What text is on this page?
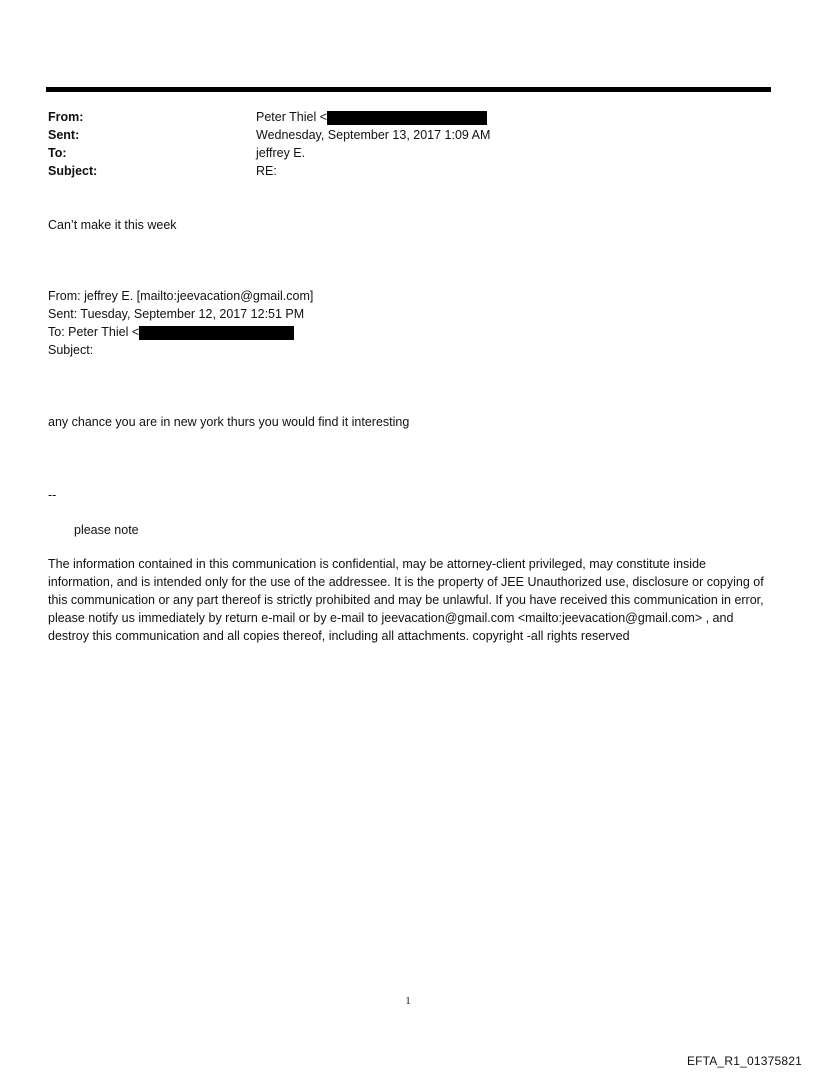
From:	Peter Thiel <
Sent:	Wednesday, September 13, 2017 1:09 AM
To:	jeffrey E.
Subject:	RE:
Can’t make it this week
From: jeffrey E. [mailto:jeevacation@gmail.com]
Sent: Tuesday, September 12, 2017 12:51 PM
To: Peter Thiel <
Subject:
any chance you are in new york thurs you would find it interesting
--
please note
The information contained in this communication is confidential, may be attorney-client privileged, may constitute inside information, and is intended only for the use of the addressee. It is the property of JEE Unauthorized use, disclosure or copying of this communication or any part thereof is strictly prohibited and may be unlawful. If you have received this communication in error, please notify us immediately by return e-mail or by e-mail to jeevacation@gmail.com <mailto:jeevacation@gmail.com> , and destroy this communication and all copies thereof, including all attachments. copyright -all rights reserved
1
EFTA_R1_01375821
